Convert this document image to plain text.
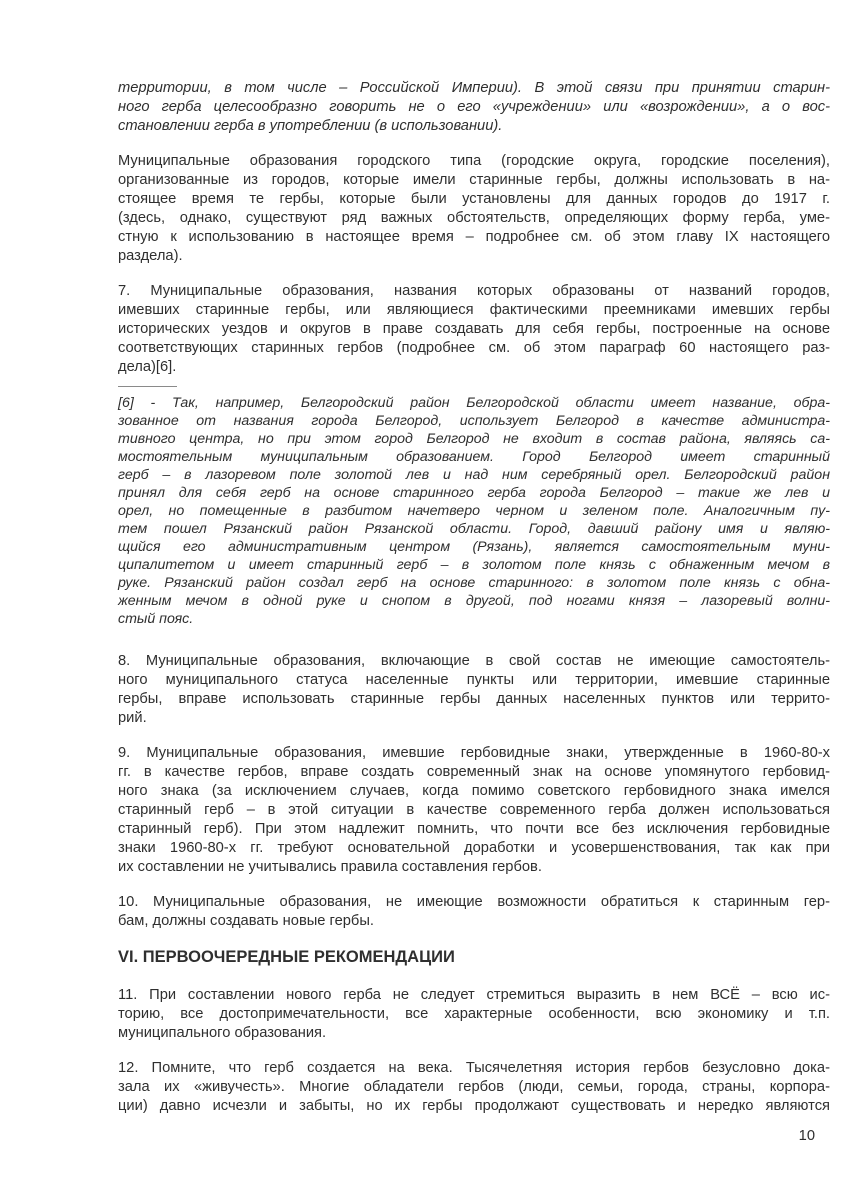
территории, в том числе – Российской Империи). В этой связи при принятии старин-
ного герба целесообразно говорить не о его «учреждении» или «возрождении», а о вос-
становлении герба в употреблении (в использовании).
Муниципальные образования городского типа (городские округа, городские поселения),
организованные из городов, которые имели старинные гербы, должны использовать в на-
стоящее время те гербы, которые были установлены для данных городов до 1917 г.
(здесь, однако, существуют ряд важных обстоятельств, определяющих форму герба, уме-
стную к использованию в настоящее время – подробнее см. об этом главу IX настоящего
раздела).
7. Муниципальные образования, названия которых образованы от названий городов,
имевших старинные гербы, или являющиеся фактическими преемниками имевших гербы
исторических уездов и округов в праве создавать для себя гербы, построенные на основе
соответствующих старинных гербов (подробнее см. об этом параграф 60 настоящего раз-
дела)[6].
[6] - Так, например, Белгородский район Белгородской области имеет название, обра-
зованное от названия города Белгород, использует Белгород в качестве администра-
тивного центра, но при этом город Белгород не входит в состав района, являясь са-
мостоятельным муниципальным образованием. Город Белгород имеет старинный
герб – в лазоревом поле золотой лев и над ним серебряный орел. Белгородский район
принял для себя герб на основе старинного герба города Белгород – такие же лев и
орел, но помещенные в разбитом начетверо черном и зеленом поле. Аналогичным пу-
тем пошел Рязанский район Рязанской области. Город, давший району имя и являю-
щийся его административным центром (Рязань), является самостоятельным муни-
ципалитетом и имеет старинный герб – в золотом поле князь с обнаженным мечом в
руке. Рязанский район создал герб на основе старинного: в золотом поле князь с обна-
женным мечом в одной руке и снопом в другой, под ногами князя – лазоревый волни-
стый пояс.
8. Муниципальные образования, включающие в свой состав не имеющие самостоятель-
ного муниципального статуса населенные пункты или территории, имевшие старинные
гербы, вправе использовать старинные гербы данных населенных пунктов или террито-
рий.
9. Муниципальные образования, имевшие гербовидные знаки, утвержденные в 1960-80-х
гг. в качестве гербов, вправе создать современный знак на основе упомянутого гербовид-
ного знака (за исключением случаев, когда помимо советского гербовидного знака имелся
старинный герб – в этой ситуации в качестве современного герба должен использоваться
старинный герб). При этом надлежит помнить, что почти все без исключения гербовидные
знаки 1960-80-х гг. требуют основательной доработки и усовершенствования, так как при
их составлении не учитывались правила составления гербов.
10. Муниципальные образования, не имеющие возможности обратиться к старинным гер-
бам, должны создавать новые гербы.
VI. ПЕРВООЧЕРЕДНЫЕ РЕКОМЕНДАЦИИ
11. При составлении нового герба не следует стремиться выразить в нем ВСЁ – всю ис-
торию, все достопримечательности, все характерные особенности, всю экономику и т.п.
муниципального образования.
12. Помните, что герб создается на века. Тысячелетняя история гербов безусловно дока-
зала их «живучесть». Многие обладатели гербов (люди, семьи, города, страны, корпора-
ции) давно исчезли и забыты, но их гербы продолжают существовать и нередко являются
10
